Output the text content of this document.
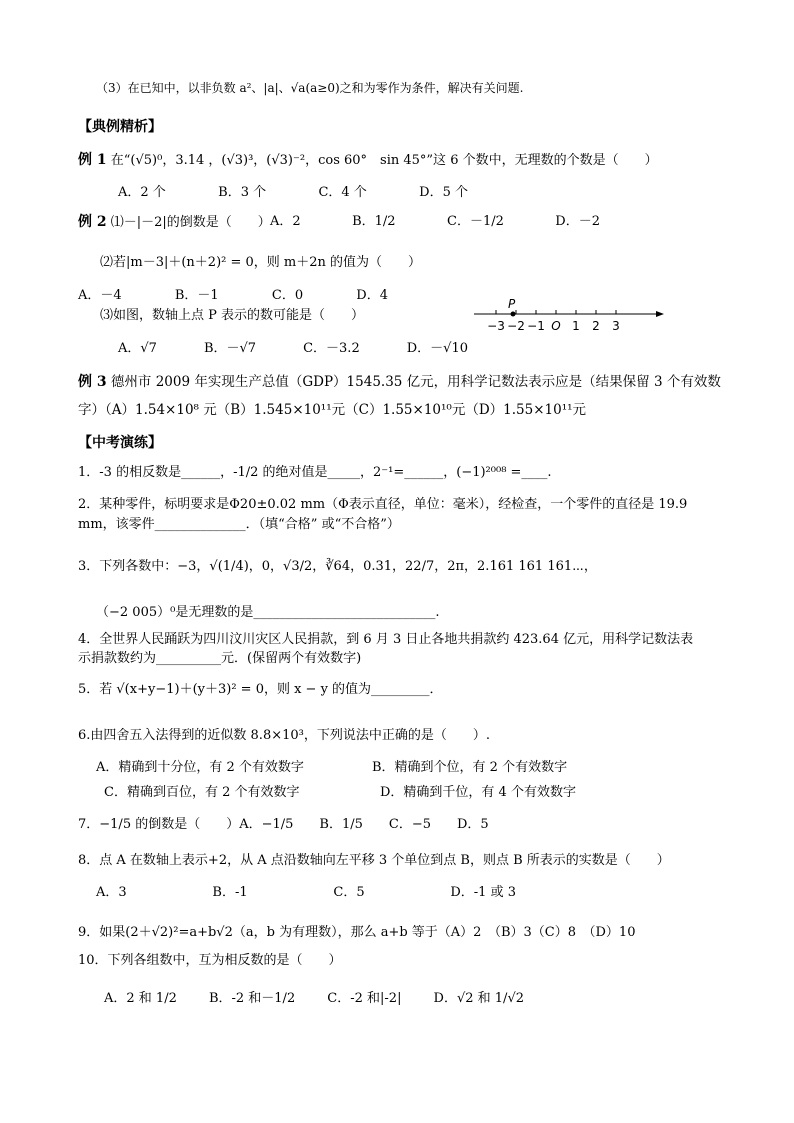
（3）在已知中，以非负数 a²、|a|、√a(a≥0)之和为零作为条件，解决有关问题.
【典例精析】
例 1 在“(√5)⁰，3.14 ，(√3)³，(√3)⁻²，cos 60°　sin 45°”这 6 个数中，无理数的个数是（　　）
A．2 个	B．3 个	C．4 个	D．5 个
例 2 ⑴－|－2|的倒数是（　　） A．2	B．1/2	C．－1/2	D．－2
⑵若|m－3|＋(n＋2)² = 0，则 m＋2n 的值为（　　）
A．－4	B．－1	C．0	D．4
⑶如图，数轴上点 P 表示的数可能是（　　）
−3 −2 −1 O 1 2 3
P
A．√7	B．－√7	C．－3.2	D．－√10
例 3 德州市 2009 年实现生产总值（GDP）1545.35 亿元，用科学记数法表示应是（结果保留 3 个有效数
字）（A）1.54×10⁸ 元（B）1.545×10¹¹元（C）1.55×10¹⁰元（D）1.55×10¹¹元
【中考演练】
1．-3 的相反数是______，-1/2 的绝对值是_____，2⁻¹=______，(−1)²⁰⁰⁸ =____.
2．某种零件，标明要求是Φ20±0.02 mm（Φ表示直径，单位：毫米），经检查，一个零件的直径是 19.9
mm，该零件______________．（填“合格” 或“不合格”）
3．下列各数中：−3，√(1/4)，0，√3/2，∛64，0.31，22/7，2π，2.161 161 161⋯，
（−2 005）⁰是无理数的是____________________________.
4．全世界人民踊跃为四川汶川灾区人民捐款，到 6 月 3 日止各地共捐款约 423.64 亿元，用科学记数法表
示捐款数约为__________元．(保留两个有效数字)
5．若 √(x+y−1)＋(y＋3)² = 0，则 x − y 的值为_________．
6.由四舍五入法得到的近似数 8.8×10³，下列说法中正确的是（　　）.
A．精确到十分位，有 2 个有效数字	B．精确到个位，有 2 个有效数字
C．精确到百位，有 2 个有效数字	D．精确到千位，有 4 个有效数字
7．−1/5 的倒数是（　　）A．−1/5　　B．1/5　　C．−5　　D．5
8．点 A 在数轴上表示+2，从 A 点沿数轴向左平移 3 个单位到点 B，则点 B 所表示的实数是（　　）
A．3	B．-1	C．5	D．-1 或 3
9．如果(2＋√2)²=a+b√2（a，b 为有理数），那么 a+b 等于（A）2　（B）3（C）8　（D）10
10．下列各组数中，互为相反数的是（　　）
A．2 和 1/2 B．-2 和－1/2 C．-2 和|-2| D．√2 和 1/√2
